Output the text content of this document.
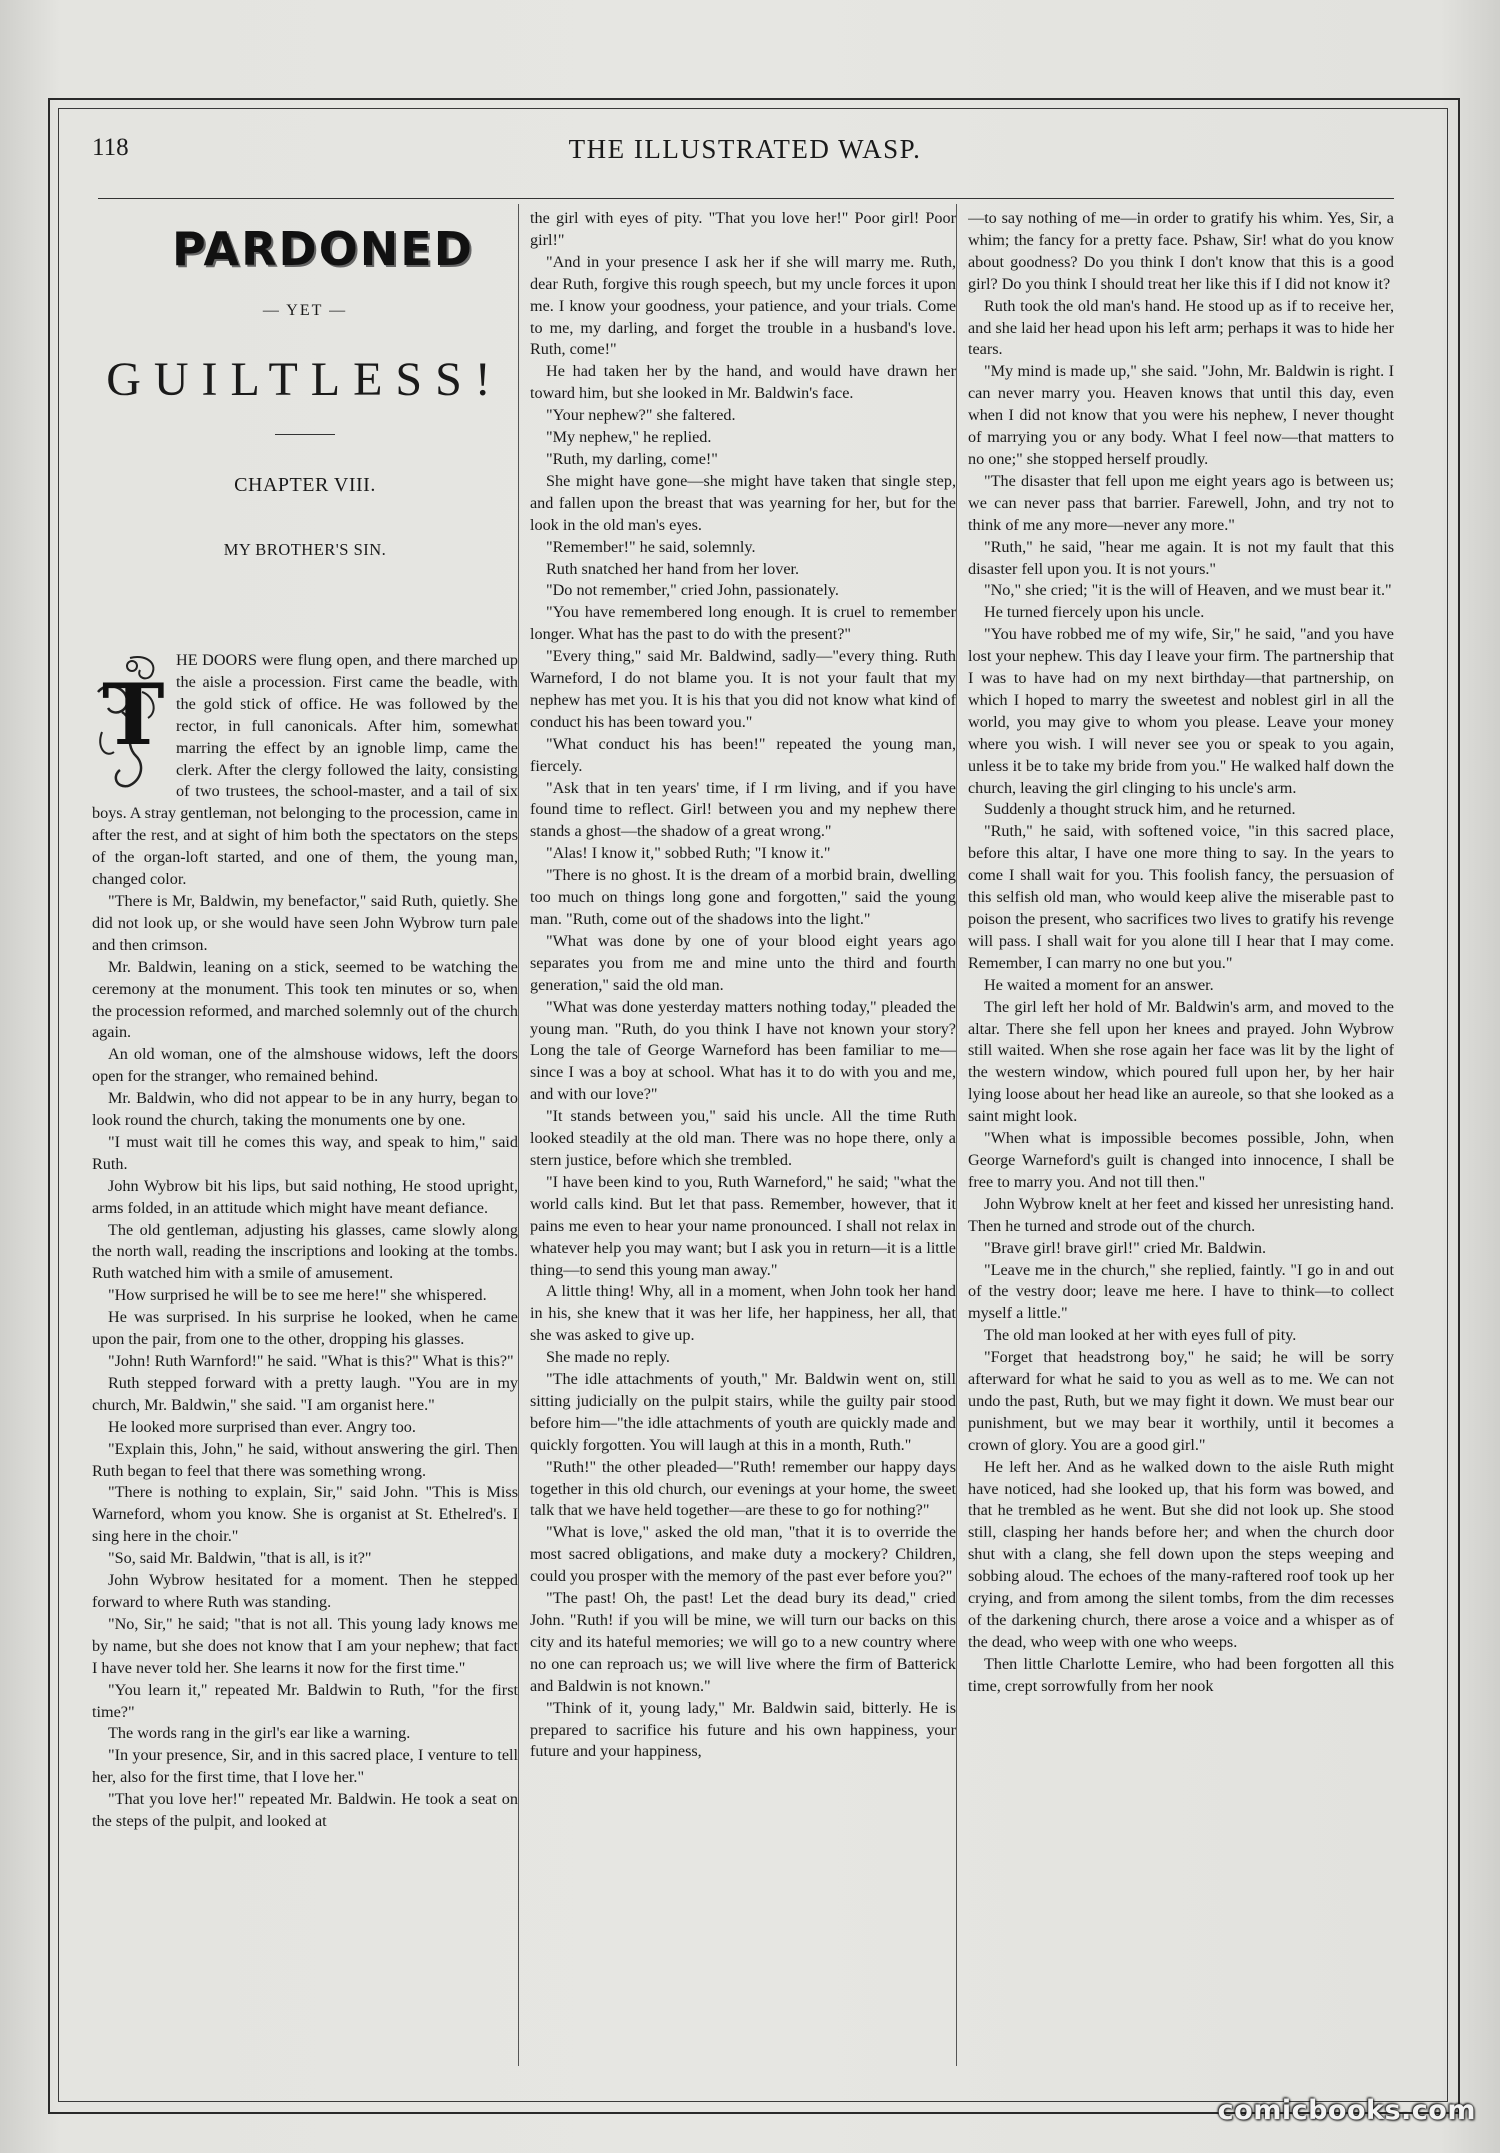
118	THE ILLUSTRATED WASP.
PARDONED
— YET —
GUILTLESS!
CHAPTER VIII.
MY BROTHER'S SIN.
T

HE DOORS were flung open, and there marched up the aisle a procession. First came the beadle, with the gold stick of office. He was followed by the rector, in full canonicals. After him, somewhat marring the effect by an ignoble limp, came the clerk. After the clergy followed the laity, consisting of two trustees, the school-master, and a tail of six boys. A stray gentleman, not belonging to the procession, came in after the rest, and at sight of him both the spectators on the steps of the organ-loft started, and one of them, the young man, changed color.

"There is Mr, Baldwin, my benefactor," said Ruth, quietly. She did not look up, or she would have seen John Wybrow turn pale and then crimson.

Mr. Baldwin, leaning on a stick, seemed to be watching the ceremony at the monument. This took ten minutes or so, when the procession reformed, and marched solemnly out of the church again.

An old woman, one of the almshouse widows, left the doors open for the stranger, who remained behind.

Mr. Baldwin, who did not appear to be in any hurry, began to look round the church, taking the monuments one by one.

"I must wait till he comes this way, and speak to him," said Ruth.

John Wybrow bit his lips, but said nothing, He stood upright, arms folded, in an attitude which might have meant defiance.

The old gentleman, adjusting his glasses, came slowly along the north wall, reading the inscriptions and looking at the tombs. Ruth watched him with a smile of amusement.

"How surprised he will be to see me here!" she whispered.

He was surprised. In his surprise he looked, when he came upon the pair, from one to the other, dropping his glasses.

"John! Ruth Warnford!" he said. "What is this?" What is this?"

Ruth stepped forward with a pretty laugh. "You are in my church, Mr. Baldwin," she said. "I am organist here."

He looked more surprised than ever. Angry too.

"Explain this, John," he said, without answering the girl. Then Ruth began to feel that there was something wrong.

"There is nothing to explain, Sir," said John. "This is Miss Warneford, whom you know. She is organist at St. Ethelred's. I sing here in the choir."

"So, said Mr. Baldwin, "that is all, is it?"

John Wybrow hesitated for a moment. Then he stepped forward to where Ruth was standing.

"No, Sir," he said; "that is not all. This young lady knows me by name, but she does not know that I am your nephew; that fact I have never told her. She learns it now for the first time."

"You learn it," repeated Mr. Baldwin to Ruth, "for the first time?"

The words rang in the girl's ear like a warning.

"In your presence, Sir, and in this sacred place, I venture to tell her, also for the first time, that I love her."

"That you love her!" repeated Mr. Baldwin. He took a seat on the steps of the pulpit, and looked at

the girl with eyes of pity. "That you love her!" Poor girl! Poor girl!"

"And in your presence I ask her if she will marry me. Ruth, dear Ruth, forgive this rough speech, but my uncle forces it upon me. I know your goodness, your patience, and your trials. Come to me, my darling, and forget the trouble in a husband's love. Ruth, come!"

He had taken her by the hand, and would have drawn her toward him, but she looked in Mr. Baldwin's face.

"Your nephew?" she faltered.

"My nephew," he replied.

"Ruth, my darling, come!"

She might have gone—she might have taken that single step, and fallen upon the breast that was yearning for her, but for the look in the old man's eyes.

"Remember!" he said, solemnly.

Ruth snatched her hand from her lover.

"Do not remember," cried John, passionately.

"You have remembered long enough. It is cruel to remember longer. What has the past to do with the present?"

"Every thing," said Mr. Baldwind, sadly—"every thing. Ruth Warneford, I do not blame you. It is not your fault that my nephew has met you. It is his that you did not know what kind of conduct his has been toward you."

"What conduct his has been!" repeated the young man, fiercely.

"Ask that in ten years' time, if I rm living, and if you have found time to reflect. Girl! between you and my nephew there stands a ghost—the shadow of a great wrong."

"Alas! I know it," sobbed Ruth; "I know it."

"There is no ghost. It is the dream of a morbid brain, dwelling too much on things long gone and forgotten," said the young man. "Ruth, come out of the shadows into the light."

"What was done by one of your blood eight years ago separates you from me and mine unto the third and fourth generation," said the old man.

"What was done yesterday matters nothing today," pleaded the young man. "Ruth, do you think I have not known your story? Long the tale of George Warneford has been familiar to me—since I was a boy at school. What has it to do with you and me, and with our love?"

"It stands between you," said his uncle. All the time Ruth looked steadily at the old man. There was no hope there, only a stern justice, before which she trembled.

"I have been kind to you, Ruth Warneford," he said; "what the world calls kind. But let that pass. Remember, however, that it pains me even to hear your name pronounced. I shall not relax in whatever help you may want; but I ask you in return—it is a little thing—to send this young man away."

A little thing! Why, all in a moment, when John took her hand in his, she knew that it was her life, her happiness, her all, that she was asked to give up.

She made no reply.

"The idle attachments of youth," Mr. Baldwin went on, still sitting judicially on the pulpit stairs, while the guilty pair stood before him—"the idle attachments of youth are quickly made and quickly forgotten. You will laugh at this in a month, Ruth."

"Ruth!" the other pleaded—"Ruth! remember our happy days together in this old church, our evenings at your home, the sweet talk that we have held together—are these to go for nothing?"

"What is love," asked the old man, "that it is to override the most sacred obligations, and make duty a mockery? Children, could you prosper with the memory of the past ever before you?"

"The past! Oh, the past! Let the dead bury its dead," cried John. "Ruth! if you will be mine, we will turn our backs on this city and its hateful memories; we will go to a new country where no one can reproach us; we will live where the firm of Batterick and Baldwin is not known."

"Think of it, young lady," Mr. Baldwin said, bitterly. He is prepared to sacrifice his future and his own happiness, your future and your happiness,

—to say nothing of me—in order to gratify his whim. Yes, Sir, a whim; the fancy for a pretty face. Pshaw, Sir! what do you know about goodness? Do you think I don't know that this is a good girl? Do you think I should treat her like this if I did not know it?

Ruth took the old man's hand. He stood up as if to receive her, and she laid her head upon his left arm; perhaps it was to hide her tears.

"My mind is made up," she said. "John, Mr. Baldwin is right. I can never marry you. Heaven knows that until this day, even when I did not know that you were his nephew, I never thought of marrying you or any body. What I feel now—that matters to no one;" she stopped herself proudly.

"The disaster that fell upon me eight years ago is between us; we can never pass that barrier. Farewell, John, and try not to think of me any more—never any more."

"Ruth," he said, "hear me again. It is not my fault that this disaster fell upon you. It is not yours."

"No," she cried; "it is the will of Heaven, and we must bear it."

He turned fiercely upon his uncle.

"You have robbed me of my wife, Sir," he said, "and you have lost your nephew. This day I leave your firm. The partnership that I was to have had on my next birthday—that partnership, on which I hoped to marry the sweetest and noblest girl in all the world, you may give to whom you please. Leave your money where you wish. I will never see you or speak to you again, unless it be to take my bride from you." He walked half down the church, leaving the girl clinging to his uncle's arm.

Suddenly a thought struck him, and he returned.

"Ruth," he said, with softened voice, "in this sacred place, before this altar, I have one more thing to say. In the years to come I shall wait for you. This foolish fancy, the persuasion of this selfish old man, who would keep alive the miserable past to poison the present, who sacrifices two lives to gratify his revenge will pass. I shall wait for you alone till I hear that I may come. Remember, I can marry no one but you."

He waited a moment for an answer.

The girl left her hold of Mr. Baldwin's arm, and moved to the altar. There she fell upon her knees and prayed. John Wybrow still waited. When she rose again her face was lit by the light of the western window, which poured full upon her, by her hair lying loose about her head like an aureole, so that she looked as a saint might look.

"When what is impossible becomes possible, John, when George Warneford's guilt is changed into innocence, I shall be free to marry you. And not till then."

John Wybrow knelt at her feet and kissed her unresisting hand. Then he turned and strode out of the church.

"Brave girl! brave girl!" cried Mr. Baldwin.

"Leave me in the church," she replied, faintly. "I go in and out of the vestry door; leave me here. I have to think—to collect myself a little."

The old man looked at her with eyes full of pity.

"Forget that headstrong boy," he said; he will be sorry afterward for what he said to you as well as to me. We can not undo the past, Ruth, but we may fight it down. We must bear our punishment, but we may bear it worthily, until it becomes a crown of glory. You are a good girl."

He left her. And as he walked down to the aisle Ruth might have noticed, had she looked up, that his form was bowed, and that he trembled as he went. But she did not look up. She stood still, clasping her hands before her; and when the church door shut with a clang, she fell down upon the steps weeping and sobbing aloud. The echoes of the many-raftered roof took up her crying, and from among the silent tombs, from the dim recesses of the darkening church, there arose a voice and a whisper as of the dead, who weep with one who weeps.

Then little Charlotte Lemire, who had been forgotten all this time, crept sorrowfully from her nook

comicbooks.com
